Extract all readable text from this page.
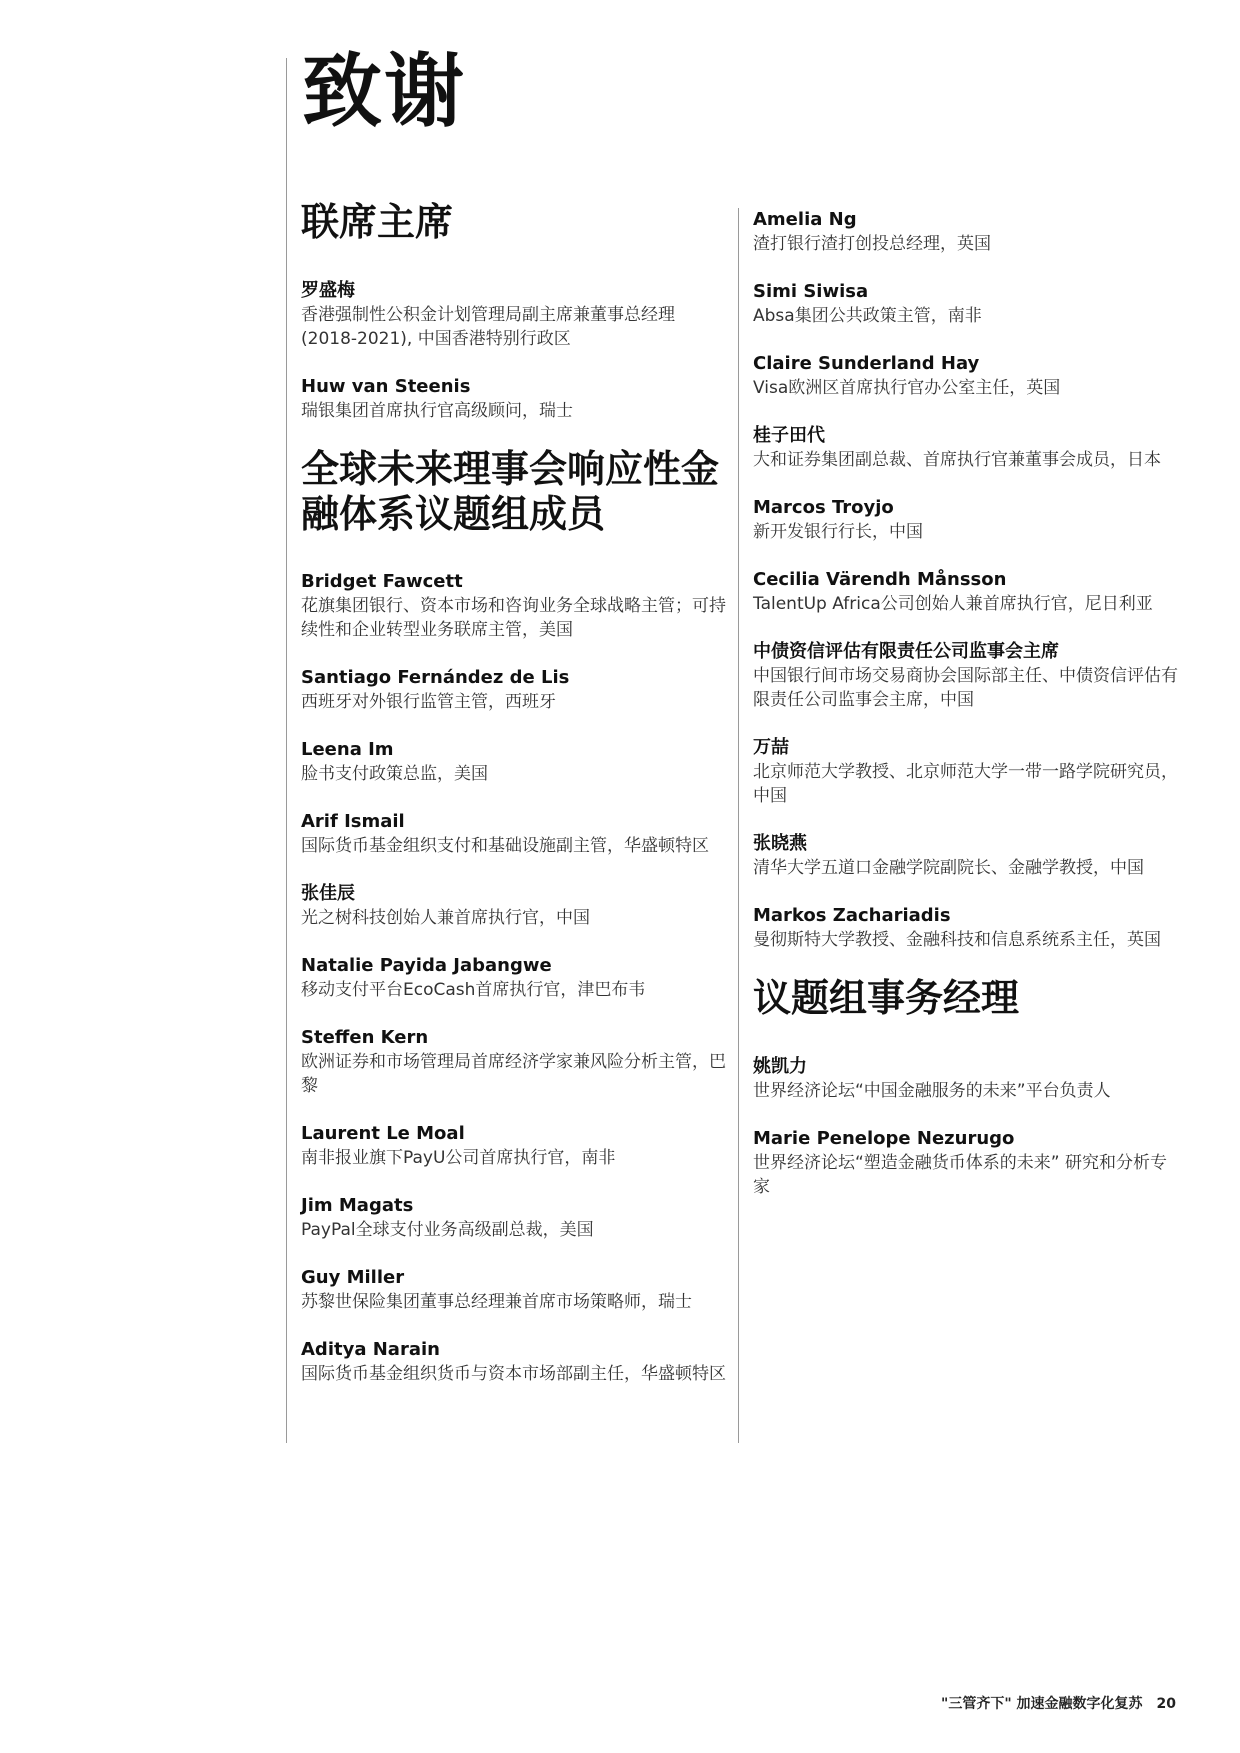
致谢
联席主席
罗盛梅
香港强制性公积金计划管理局副主席兼董事总经理(2018-2021), 中国香港特别行政区
Huw van Steenis
瑞银集团首席执行官高级顾问，瑞士
全球未来理事会响应性金融体系议题组成员
Bridget Fawcett
花旗集团银行、资本市场和咨询业务全球战略主管；可持续性和企业转型业务联席主管，美国
Santiago Fernández de Lis
西班牙对外银行监管主管，西班牙
Leena Im
脸书支付政策总监，美国
Arif Ismail
国际货币基金组织支付和基础设施副主管，华盛顿特区
张佳辰
光之树科技创始人兼首席执行官，中国
Natalie Payida Jabangwe
移动支付平台EcoCash首席执行官，津巴布韦
Steffen Kern
欧洲证券和市场管理局首席经济学家兼风险分析主管，巴黎
Laurent Le Moal
南非报业旗下PayU公司首席执行官，南非
Jim Magats
PayPal全球支付业务高级副总裁，美国
Guy Miller
苏黎世保险集团董事总经理兼首席市场策略师，瑞士
Aditya Narain
国际货币基金组织货币与资本市场部副主任，华盛顿特区
Amelia Ng
渣打银行渣打创投总经理，英国
Simi Siwisa
Absa集团公共政策主管，南非
Claire Sunderland Hay
Visa欧洲区首席执行官办公室主任，英国
桂子田代
大和证券集团副总裁、首席执行官兼董事会成员，日本
Marcos Troyjo
新开发银行行长，中国
Cecilia Värendh Månsson
TalentUp Africa公司创始人兼首席执行官，尼日利亚
中债资信评估有限责任公司监事会主席
中国银行间市场交易商协会国际部主任、中债资信评估有限责任公司监事会主席，中国
万喆
北京师范大学教授、北京师范大学一带一路学院研究员，中国
张晓燕
清华大学五道口金融学院副院长、金融学教授，中国
Markos Zachariadis
曼彻斯特大学教授、金融科技和信息系统系主任，英国
议题组事务经理
姚凯力
世界经济论坛“中国金融服务的未来”平台负责人
Marie Penelope Nezurugo
世界经济论坛“塑造金融货币体系的未来” 研究和分析专家
"三管齐下" 加速金融数字化复苏 20
